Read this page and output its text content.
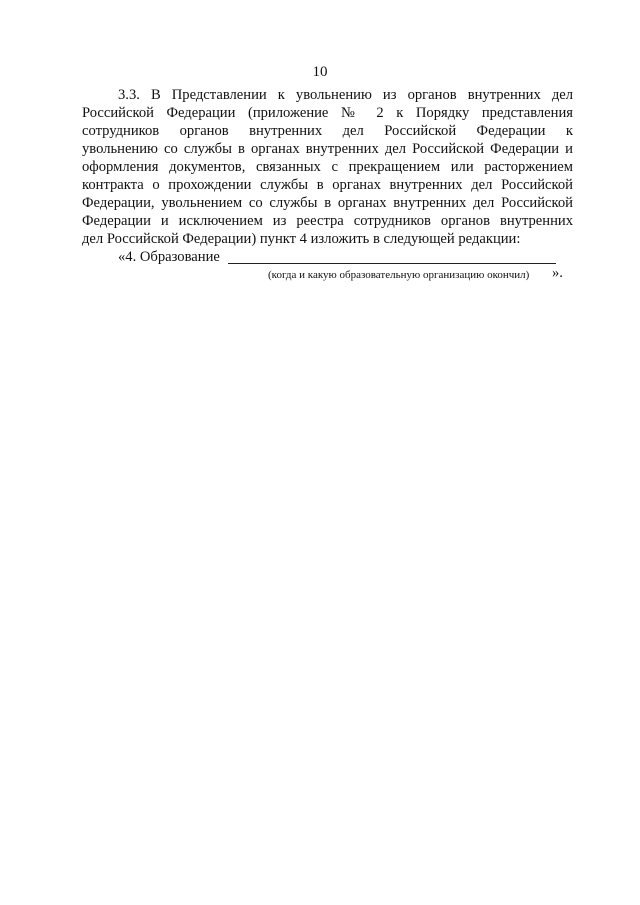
10
3.3. В Представлении к увольнению из органов внутренних дел
Российской Федерации (приложение № 2 к Порядку представления
сотрудников органов внутренних дел Российской Федерации к
увольнению со службы в органах внутренних дел Российской Федерации и
оформления документов, связанных с прекращением или расторжением
контракта о прохождении службы в органах внутренних дел Российской
Федерации, увольнением со службы в органах внутренних дел Российской
Федерации и исключением из реестра сотрудников органов внутренних
дел Российской Федерации) пункт 4 изложить в следующей редакции:
«4. Образование
(когда и какую образовательную организацию окончил) ».
